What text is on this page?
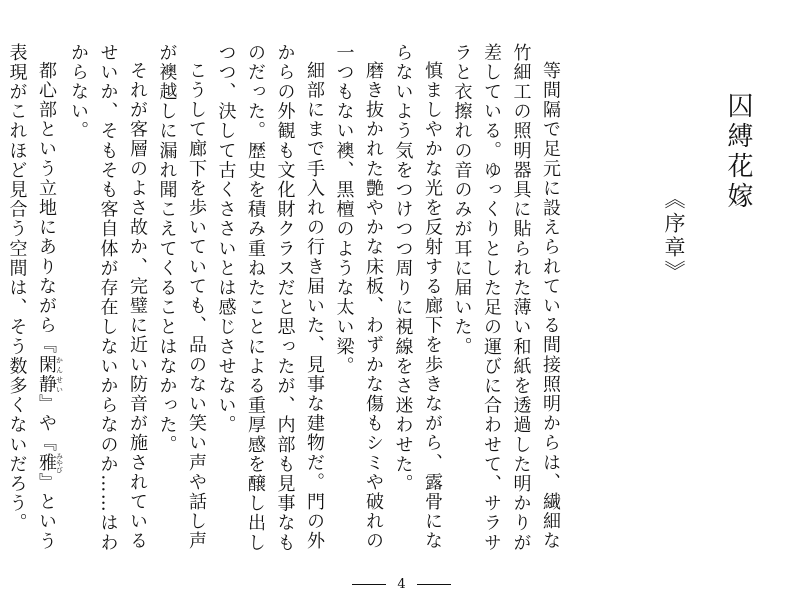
囚縛花嫁
《序章》

等間隔で足元に設えられている間接照明からは、繊細な竹細工の照明器具に貼られた薄い和紙を透過した明かりが差している。ゆっくりとした足の運びに合わせて、サラサラと衣擦れの音のみが耳に届いた。

慎ましやかな光を反射する廊下を歩きながら、露骨にならないよう気をつけつつ周りに視線をさ迷わせた。

磨き抜かれた艶やかな床板、わずかな傷もシミや破れの一つもない襖、黒檀のような太い梁。

細部にまで手入れの行き届いた、見事な建物だ。門の外からの外観も文化財クラスだと思ったが、内部も見事なものだった。歴史を積み重ねたことによる重厚感を醸し出しつつ、決して古くささいとは感じさせない。

こうして廊下を歩いていても、品のない笑い声や話し声が襖越しに漏れ聞こえてくることはなかった。

それが客層のよさ故か、完璧に近い防音が施されているせいか、そもそも客自体が存在しないからなのか……はわからない。

都心部という立地にありながら『閑静かんせい』や『雅みやび』という表現がこれほど見合う空間は、そう数多くないだろう。

4
